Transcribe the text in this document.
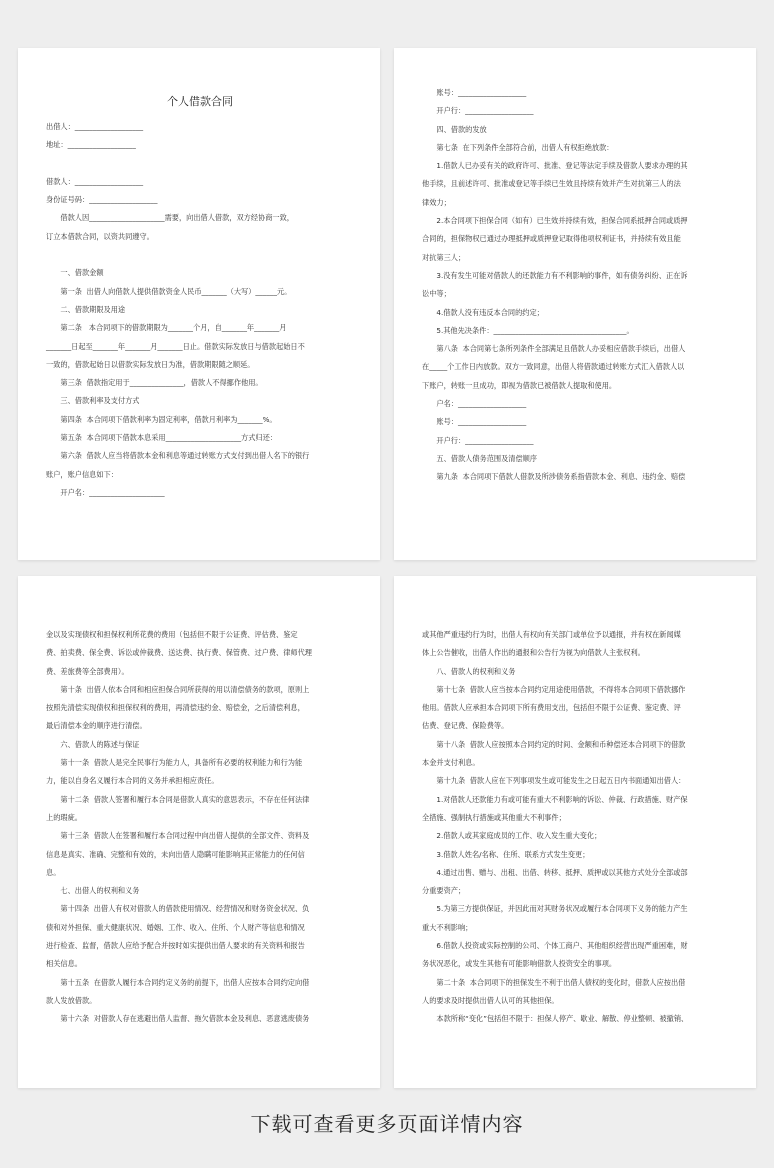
个人借款合同

出借人：___________________

地址：___________________

借款人：___________________

身份证号码：___________________

　　借款人因_____________________需要，向出借人借款，双方经协商一致，

订立本借款合同，以资共同遵守。

　　一、借款金额

　　第一条  出借人向借款人提供借款资金人民币_______（大写）______元。

　　二、借款期限及用途

　　第二条   本合同项下的借款期限为_______个月，自_______年_______月

_______日起至_______年_______月_______日止。借款实际发放日与借款起始日不

一致的，借款起始日以借款实际发放日为准，借款期限随之顺延。

　　第三条  借款指定用于_______________，借款人不得挪作他用。

　　三、借款利率及支付方式

　　第四条  本合同项下借款利率为固定利率，借款月利率为_______%。

　　第五条  本合同项下借款本息采用_____________________方式归还：

　　第六条  借款人应当将借款本金和利息等通过转账方式支付到出借人名下的银行

账户，账户信息如下：

　　开户名：_____________________

　　账号：___________________

　　开户行：___________________

　　四、借款的发放

　　第七条  在下列条件全部符合前，出借人有权拒绝放款：

　　1.借款人已办妥有关的政府许可、批准、登记等法定手续及借款人要求办理的其

他手续，且前述许可、批准或登记等手续已生效且持续有效并产生对抗第三人的法

律效力；

　　2.本合同项下担保合同（如有）已生效并持续有效，担保合同系抵押合同或质押

合同的，担保物权已通过办理抵押或质押登记取得他项权利证书，并持续有效且能

对抗第三人；

　　3.没有发生可能对借款人的还款能力有不利影响的事件，如有债务纠纷、正在诉

讼中等；

　　4.借款人没有违反本合同的约定；

　　5.其他先决条件：_____________________________________。

　　第八条  本合同第七条所列条件全部满足且借款人办妥相应借款手续后，出借人

在_____个工作日内放款。双方一致同意，出借人将借款通过转账方式汇入借款人以

下账户，转账一旦成功，即视为借款已被借款人提取和使用。

　　户名：___________________

　　账号：___________________

　　开户行：___________________

　　五、借款人债务范围及清偿顺序

　　第九条  本合同项下借款人借款及所涉债务系指借款本金、利息、违约金、赔偿

金以及实现债权和担保权利所花费的费用（包括但不限于公证费、评估费、鉴定

费、拍卖费、保全费、诉讼或仲裁费、送达费、执行费、保管费、过户费、律师代理

费、差旅费等全部费用）。

　　第十条  出借人依本合同和相应担保合同所获得的用以清偿债务的款项，原则上

按照先清偿实现债权和担保权利的费用，再清偿违约金、赔偿金，之后清偿利息，

最后清偿本金的顺序进行清偿。

　　六、借款人的陈述与保证

　　第十一条  借款人是完全民事行为能力人，具备所有必要的权利能力和行为能

力，能以自身名义履行本合同的义务并承担相应责任。

　　第十二条  借款人签署和履行本合同是借款人真实的意思表示，不存在任何法律

上的瑕疵。

　　第十三条  借款人在签署和履行本合同过程中向出借人提供的全部文件、资料及

信息是真实、准确、完整和有效的，未向出借人隐瞒可能影响其正常能力的任何信

息。

　　七、出借人的权利和义务

　　第十四条  出借人有权对借款人的借款使用情况、经营情况和财务资金状况、负

债和对外担保、重大健康状况、婚姻、工作、收入、住所、个人财产等信息和情况

进行检查、监督，借款人应给予配合并按时如实提供出借人要求的有关资料和报告

相关信息。

　　第十五条  在借款人履行本合同约定义务的前提下，出借人应按本合同约定向借

款人发放借款。

　　第十六条  对借款人存在逃避出借人监督、拖欠借款本金及利息、恶意逃废债务

或其他严重违约行为时，出借人有权向有关部门或单位予以通报，并有权在新闻媒

体上公告催收，出借人作出的通报和公告行为视为向借款人主张权利。

　　八、借款人的权利和义务

　　第十七条  借款人应当按本合同约定用途使用借款，不得将本合同项下借款挪作

他用。借款人应承担本合同项下所有费用支出，包括但不限于公证费、鉴定费、评

估费、登记费、保险费等。

　　第十八条  借款人应按照本合同约定的时间、金额和币种偿还本合同项下的借款

本金并支付利息。

　　第十九条  借款人应在下列事项发生或可能发生之日起五日内书面通知出借人：

　　1.对借款人还款能力有或可能有重大不利影响的诉讼、仲裁、行政措施、财产保

全措施、强制执行措施或其他重大不利事件；

　　2.借款人或其家庭成员的工作、收入发生重大变化；

　　3.借款人姓名/名称、住所、联系方式发生变更；

　　4.通过出售、赠与、出租、出借、转移、抵押、质押或以其他方式处分全部或部

分重要资产；

　　5.为第三方提供保证，并因此而对其财务状况或履行本合同项下义务的能力产生

重大不利影响；

　　6.借款人投资或实际控制的公司、个体工商户、其他组织经营出现严重困难，财

务状况恶化，或发生其他有可能影响借款人投资安全的事项。

　　第二十条  本合同项下的担保发生不利于出借人债权的变化时，借款人应按出借

人的要求及时提供出借人认可的其他担保。

　　本款所称“变化”包括但不限于：担保人停产、歇业、解散、停业整顿、被撤销、

下载可查看更多页面详情内容
